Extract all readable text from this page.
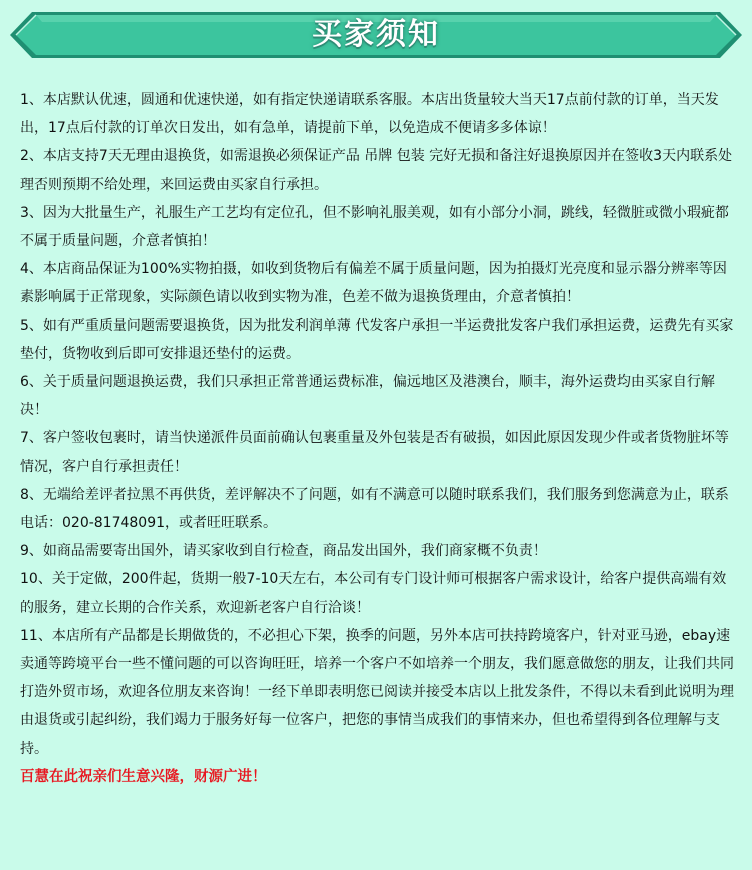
买家须知

1、本店默认优速，圆通和优速快递，如有指定快递请联系客服。本店出货量较大当天17点前付款的订单，当天发出，17点后付款的订单次日发出，如有急单，请提前下单，以免造成不便请多多体谅！

2、本店支持7天无理由退换货，如需退换必须保证产品 吊牌 包装 完好无损和备注好退换原因并在签收3天内联系处理否则预期不给处理，来回运费由买家自行承担。

3、因为大批量生产，礼服生产工艺均有定位孔，但不影响礼服美观，如有小部分小洞，跳线，轻微脏或微小瑕疵都不属于质量问题，介意者慎拍！

4、本店商品保证为100%实物拍摄，如收到货物后有偏差不属于质量问题，因为拍摄灯光亮度和显示器分辨率等因素影响属于正常现象，实际颜色请以收到实物为准，色差不做为退换货理由，介意者慎拍！

5、如有严重质量问题需要退换货，因为批发利润单薄 代发客户承担一半运费批发客户我们承担运费，运费先有买家垫付，货物收到后即可安排退还垫付的运费。

6、关于质量问题退换运费，我们只承担正常普通运费标准，偏远地区及港澳台，顺丰，海外运费均由买家自行解决！

7、客户签收包裹时，请当快递派件员面前确认包裹重量及外包装是否有破损，如因此原因发现少件或者货物脏坏等情况，客户自行承担责任！

8、无端给差评者拉黑不再供货，差评解决不了问题，如有不满意可以随时联系我们，我们服务到您满意为止，联系电话：020-81748091，或者旺旺联系。

9、如商品需要寄出国外，请买家收到自行检查，商品发出国外，我们商家概不负责！

10、关于定做，200件起，货期一般7-10天左右，本公司有专门设计师可根据客户需求设计，给客户提供高端有效的服务，建立长期的合作关系，欢迎新老客户自行洽谈！

11、本店所有产品都是长期做货的，不必担心下架，换季的问题，另外本店可扶持跨境客户，针对亚马逊，ebay速卖通等跨境平台一些不懂问题的可以咨询旺旺，培养一个客户不如培养一个朋友，我们愿意做您的朋友，让我们共同打造外贸市场，欢迎各位朋友来咨询！一经下单即表明您已阅读并接受本店以上批发条件，不得以未看到此说明为理由退货或引起纠纷，我们竭力于服务好每一位客户，把您的事情当成我们的事情来办，但也希望得到各位理解与支持。

百慧在此祝亲们生意兴隆，财源广进！
